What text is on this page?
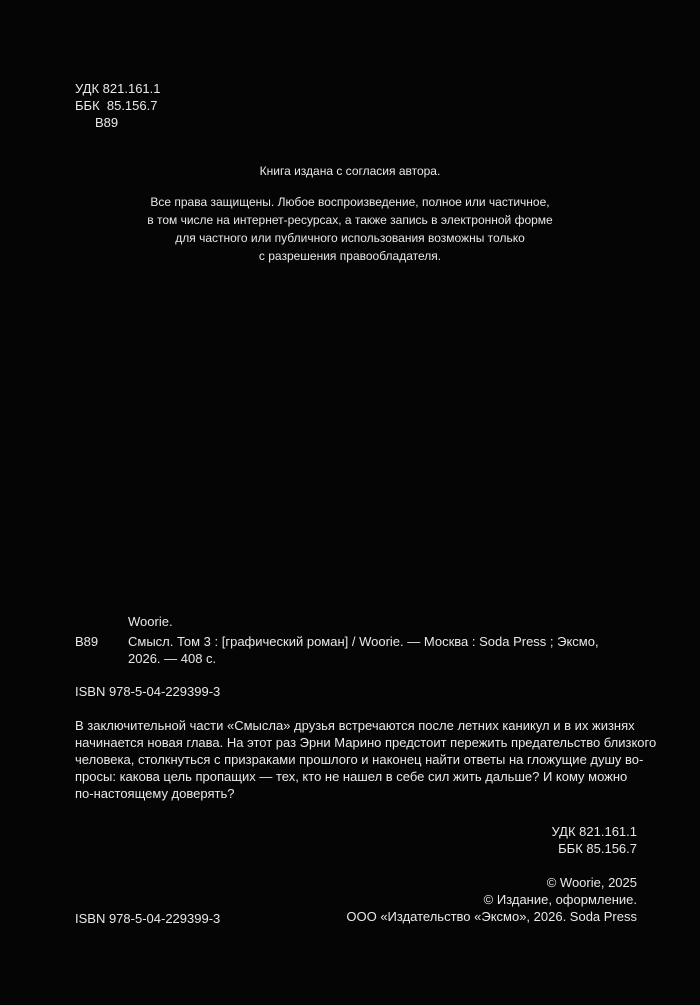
УДК 821.161.1
ББК  85.156.7
В89

Книга издана с согласия автора.

Все права защищены. Любое воспроизведение, полное или частичное,
в том числе на интернет-ресурсах, а также запись в электронной форме
для частного или публичного использования возможны только
с разрешения правообладателя.

Woorie.
В89 Смысл. Том 3 : [графический роман] / Woorie. — Москва : Soda Press ; Эксмо,
2026. — 408 с.
ISBN 978-5-04-229399-3
В заключительной части «Смысла» друзья встречаются после летних каникул и в их жизнях
начинается новая глава. На этот раз Эрни Марино предстоит пережить предательство близкого
человека, столкнуться с призраками прошлого и наконец найти ответы на гложущие душу во-
просы: какова цель пропащих — тех, кто не нашел в себе сил жить дальше? И кому можно
по-настоящему доверять?
УДК 821.161.1
ББК 85.156.7
© Woorie, 2025
© Издание, оформление.
ООО «Издательство «Эксмо», 2026. Soda Press
ISBN 978-5-04-229399-3
